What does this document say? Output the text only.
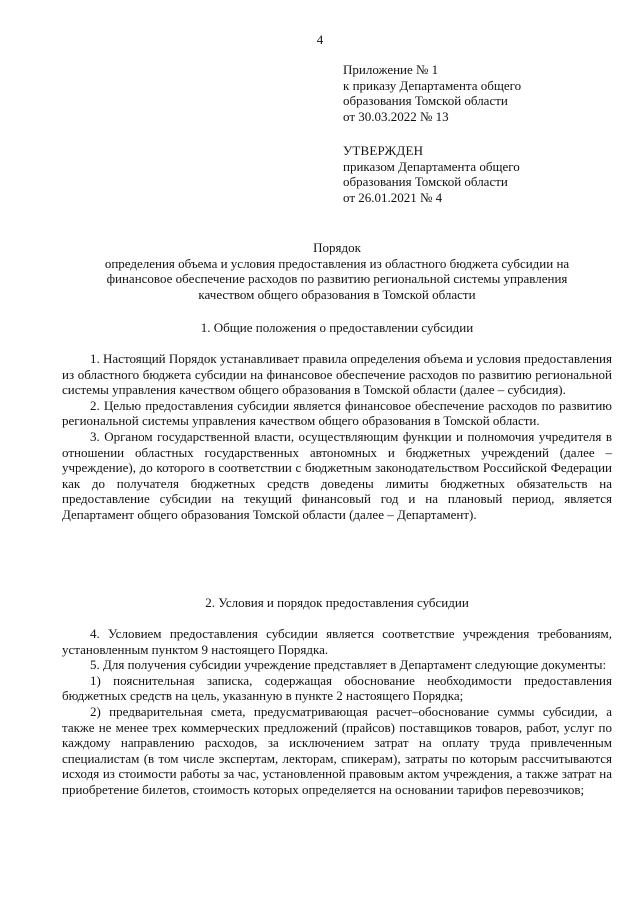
4
Приложение № 1
к приказу Департамента общего
образования Томской области
от 30.03.2022 № 13
УТВЕРЖДЕН
приказом Департамента общего
образования Томской области
от 26.01.2021 № 4
Порядок
определения объема и условия предоставления из областного бюджета субсидии на финансовое обеспечение расходов по развитию региональной системы управления качеством общего образования в Томской области
1. Общие положения о предоставлении субсидии

1. Настоящий Порядок устанавливает правила определения объема и условия предоставления из областного бюджета субсидии на финансовое обеспечение расходов по развитию региональной системы управления качеством общего образования в Томской области (далее – субсидия).

2. Целью предоставления субсидии является финансовое обеспечение расходов по развитию региональной системы управления качеством общего образования в Томской области.

3. Органом государственной власти, осуществляющим функции и полномочия учредителя в отношении областных государственных автономных и бюджетных учреждений (далее – учреждение), до которого в соответствии с бюджетным законодательством Российской Федерации как до получателя бюджетных средств доведены лимиты бюджетных обязательств на предоставление субсидии на текущий финансовый год и на плановый период, является Департамент общего образования Томской области (далее – Департамент).

2. Условия и порядок предоставления субсидии

4. Условием предоставления субсидии является соответствие учреждения требованиям, установленным пунктом 9 настоящего Порядка.

5. Для получения субсидии учреждение представляет в Департамент следующие документы:

1) пояснительная записка, содержащая обоснование необходимости предоставления бюджетных средств на цель, указанную в пункте 2 настоящего Порядка;

2) предварительная смета, предусматривающая расчет–обоснование суммы субсидии, а также не менее трех коммерческих предложений (прайсов) поставщиков товаров, работ, услуг по каждому направлению расходов, за исключением затрат на оплату труда привлеченным специалистам (в том числе экспертам, лекторам, спикерам), затраты по которым рассчитываются исходя из стоимости работы за час, установленной правовым актом учреждения, а также затрат на приобретение билетов, стоимость которых определяется на основании тарифов перевозчиков;
